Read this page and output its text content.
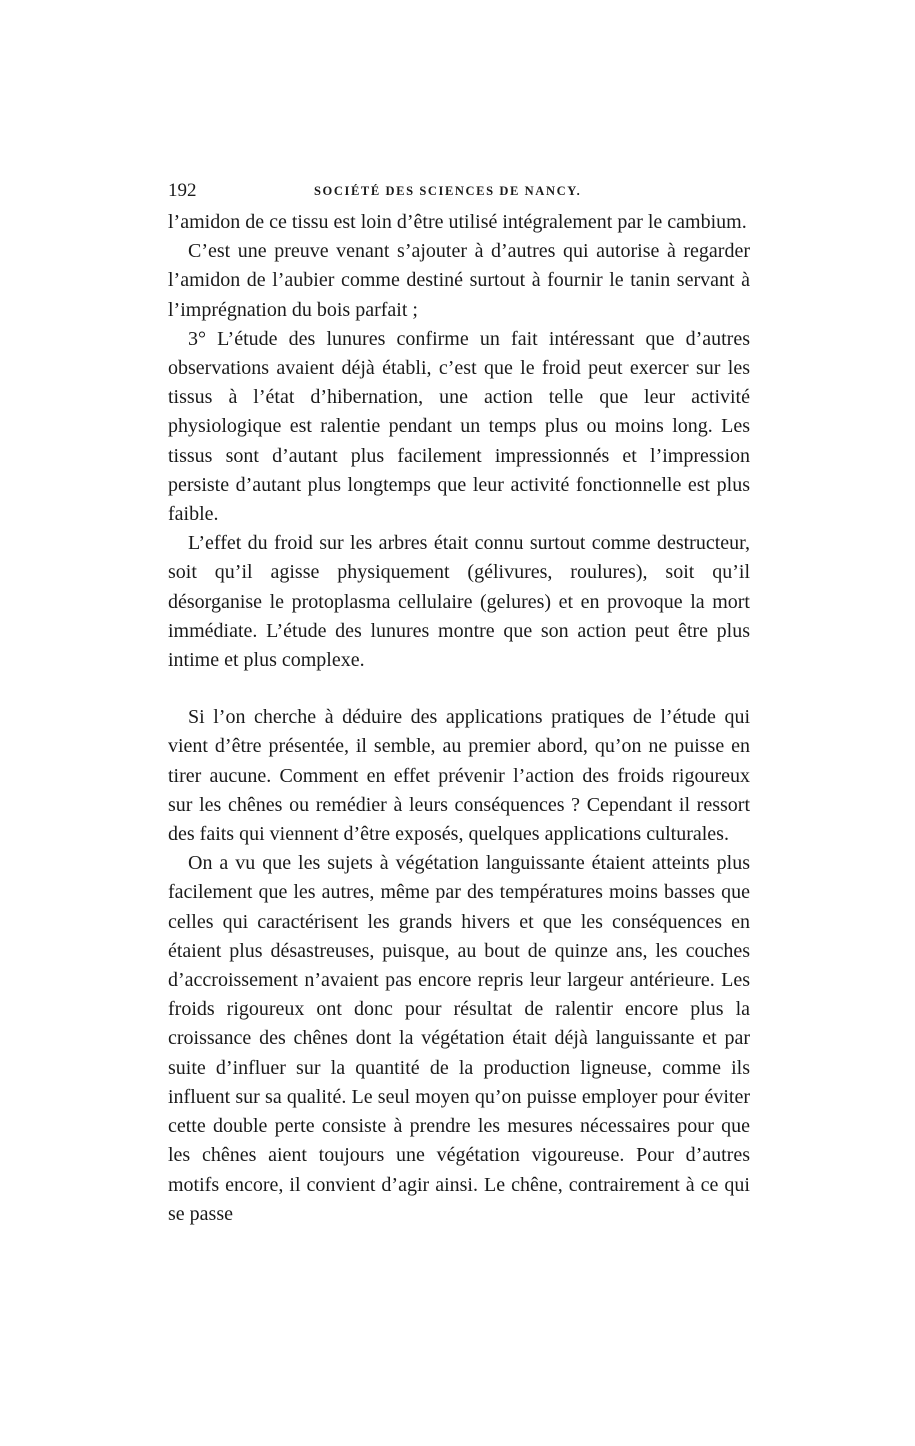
192	SOCIÉTÉ DES SCIENCES DE NANCY.

l’amidon de ce tissu est loin d’être utilisé intégralement par le cambium.

C’est une preuve venant s’ajouter à d’autres qui autorise à regarder l’amidon de l’aubier comme destiné surtout à fournir le tanin servant à l’imprégnation du bois parfait ;

3° L’étude des lunures confirme un fait intéressant que d’autres observations avaient déjà établi, c’est que le froid peut exercer sur les tissus à l’état d’hibernation, une action telle que leur activité physiologique est ralentie pendant un temps plus ou moins long. Les tissus sont d’autant plus facilement impressionnés et l’impression persiste d’autant plus longtemps que leur activité fonctionnelle est plus faible.

L’effet du froid sur les arbres était connu surtout comme destructeur, soit qu’il agisse physiquement (gélivures, roulures), soit qu’il désorganise le protoplasma cellulaire (gelures) et en provoque la mort immédiate. L’étude des lunures montre que son action peut être plus intime et plus complexe.

Si l’on cherche à déduire des applications pratiques de l’étude qui vient d’être présentée, il semble, au premier abord, qu’on ne puisse en tirer aucune. Comment en effet prévenir l’action des froids rigoureux sur les chênes ou remédier à leurs conséquences ? Cependant il ressort des faits qui viennent d’être exposés, quelques applications culturales.

On a vu que les sujets à végétation languissante étaient atteints plus facilement que les autres, même par des températures moins basses que celles qui caractérisent les grands hivers et que les conséquences en étaient plus désastreuses, puisque, au bout de quinze ans, les couches d’accroissement n’avaient pas encore repris leur largeur antérieure. Les froids rigoureux ont donc pour résultat de ralentir encore plus la croissance des chênes dont la végétation était déjà languissante et par suite d’influer sur la quantité de la production ligneuse, comme ils influent sur sa qualité. Le seul moyen qu’on puisse employer pour éviter cette double perte consiste à prendre les mesures nécessaires pour que les chênes aient toujours une végétation vigoureuse. Pour d’autres motifs encore, il convient d’agir ainsi. Le chêne, contrairement à ce qui se passe
